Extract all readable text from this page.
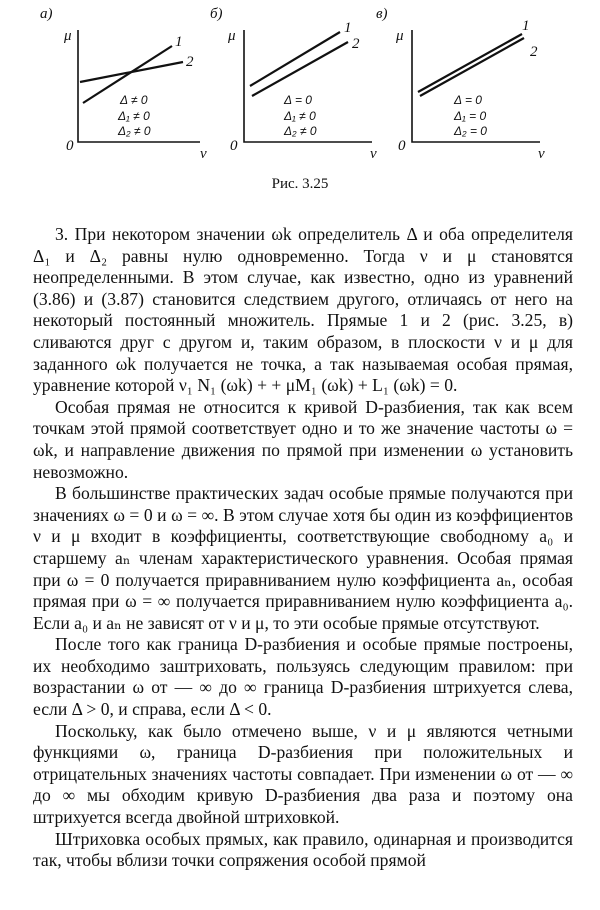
а)
μ
ν
0
1
2
Δ ≠ 0
Δ₁ ≠ 0
Δ₂ ≠ 0
б)
μ
ν
0
1
2
Δ = 0
Δ₁ ≠ 0
Δ₂ ≠ 0
в)
μ
ν
0
1
2
Δ = 0
Δ₁ = 0
Δ₂ = 0
Рис. 3.25

3. При некотором значении ωk определитель Δ и оба определителя Δ₁ и Δ₂ равны нулю одновременно. Тогда ν и μ становятся неопределенными. В этом случае, как известно, одно из уравнений (3.86) и (3.87) становится следствием другого, отличаясь от него на некоторый постоянный множитель. Прямые 1 и 2 (рис. 3.25, в) сливаются друг с другом и, таким образом, в плоскости ν и μ для заданного ωk получается не точка, а так называемая особая прямая, уравнение которой ν₁ N₁ (ωk) + + μM₁ (ωk) + L₁ (ωk) = 0.

Особая прямая не относится к кривой D-разбиения, так как всем точкам этой прямой соответствует одно и то же значение частоты ω = ωk, и направление движения по прямой при изменении ω установить невозможно.

В большинстве практических задач особые прямые получаются при значениях ω = 0 и ω = ∞. В этом случае хотя бы один из коэффициентов ν и μ входит в коэффициенты, соответствующие свободному a₀ и старшему aₙ членам характеристического уравнения. Особая прямая при ω = 0 получается приравниванием нулю коэффициента aₙ, особая прямая при ω = ∞ получается приравниванием нулю коэффициента a₀. Если a₀ и aₙ не зависят от ν и μ, то эти особые прямые отсутствуют.

После того как граница D-разбиения и особые прямые построены, их необходимо заштриховать, пользуясь следующим правилом: при возрастании ω от — ∞ до ∞ граница D-разбиения штрихуется слева, если Δ > 0, и справа, если Δ < 0.

Поскольку, как было отмечено выше, ν и μ являются четными функциями ω, граница D-разбиения при положительных и отрицательных значениях частоты совпадает. При изменении ω от — ∞ до ∞ мы обходим кривую D-разбиения два раза и поэтому она штрихуется всегда двойной штриховкой.

Штриховка особых прямых, как правило, одинарная и производится так, чтобы вблизи точки сопряжения особой прямой
